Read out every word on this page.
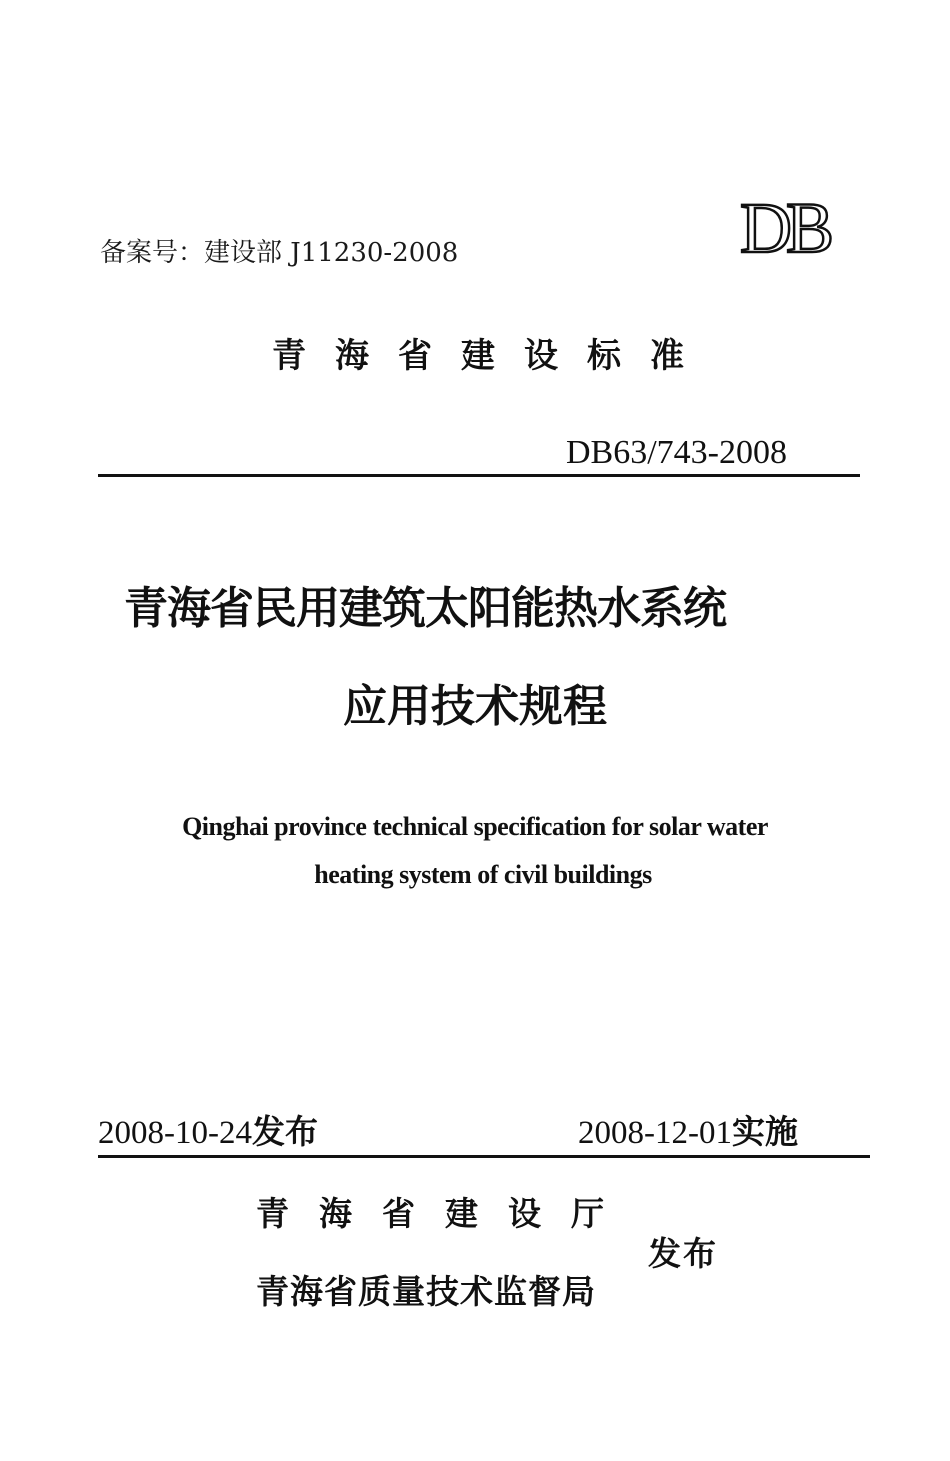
备案号：建设部 J11230-2008	DB
青海省建设标准
DB63/743-2008
青海省民用建筑太阳能热水系统
应用技术规程
Qinghai province technical specification for solar water
heating system of civil buildings
2008-10-24发布	2008-12-01实施
青海省建设厅
发布
青海省质量技术监督局
